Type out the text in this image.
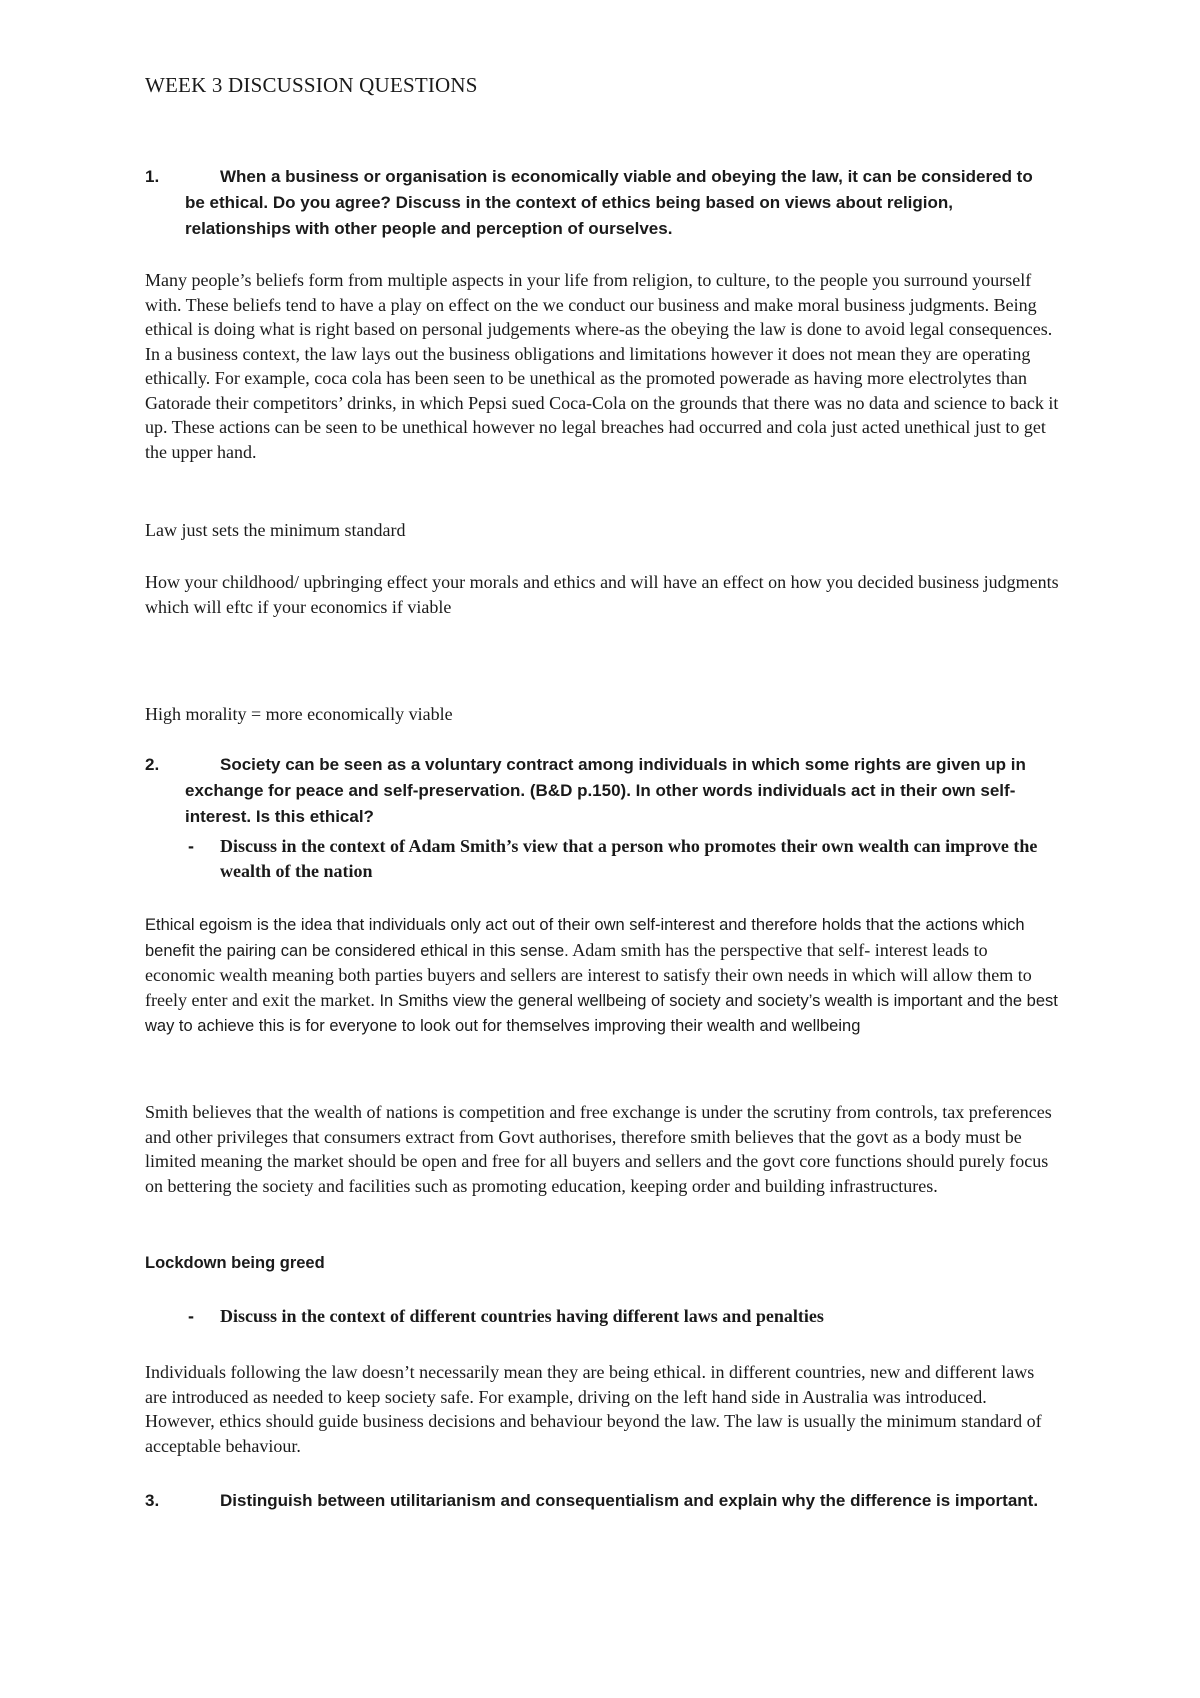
WEEK 3 DISCUSSION QUESTIONS
1.	When a business or organisation is economically viable and obeying the law, it can be considered to be ethical. Do you agree? Discuss in the context of ethics being based on views about religion, relationships with other people and perception of ourselves.
Many people’s beliefs form from multiple aspects in your life from religion, to culture, to the people you surround yourself with. These beliefs tend to have a play on effect on the we conduct our business and make moral business judgments. Being ethical is doing what is right based on personal judgements where-as the obeying the law is done to avoid legal consequences. In a business context, the law lays out the business obligations and limitations however it does not mean they are operating ethically. For example, coca cola has been seen to be unethical as the promoted powerade as having more electrolytes than Gatorade their competitors’ drinks, in which Pepsi sued Coca-Cola on the grounds that there was no data and science to back it up. These actions can be seen to be unethical however no legal breaches had occurred and cola just acted unethical just to get the upper hand.
Law just sets the minimum standard
How your childhood/ upbringing effect your morals and ethics and will have an effect on how you decided business judgments which will eftc if your economics if viable
High morality = more economically viable
2.	Society can be seen as a voluntary contract among individuals in which some rights are given up in exchange for peace and self-preservation. (B&D p.150). In other words individuals act in their own self-interest. Is this ethical?
- Discuss in the context of Adam Smith’s view that a person who promotes their own wealth can improve the wealth of the nation
Ethical egoism is the idea that individuals only act out of their own self-interest and therefore holds that the actions which benefit the pairing can be considered ethical in this sense. Adam smith has the perspective that self- interest leads to economic wealth meaning both parties buyers and sellers are interest to satisfy their own needs in which will allow them to freely enter and exit the market. In Smiths view the general wellbeing of society and society’s wealth is important and the best way to achieve this is for everyone to look out for themselves improving their wealth and wellbeing
Smith believes that the wealth of nations is competition and free exchange is under the scrutiny from controls, tax preferences and other privileges that consumers extract from Govt authorises, therefore smith believes that the govt as a body must be limited meaning the market should be open and free for all buyers and sellers and the govt core functions should purely focus on bettering the society and facilities such as promoting education, keeping order and building infrastructures.
Lockdown being greed
- Discuss in the context of different countries having different laws and penalties
Individuals following the law doesn’t necessarily mean they are being ethical. in different countries, new and different laws are introduced as needed to keep society safe. For example, driving on the left hand side in Australia was introduced. However, ethics should guide business decisions and behaviour beyond the law. The law is usually the minimum standard of acceptable behaviour.
3.	Distinguish between utilitarianism and consequentialism and explain why the difference is important.
